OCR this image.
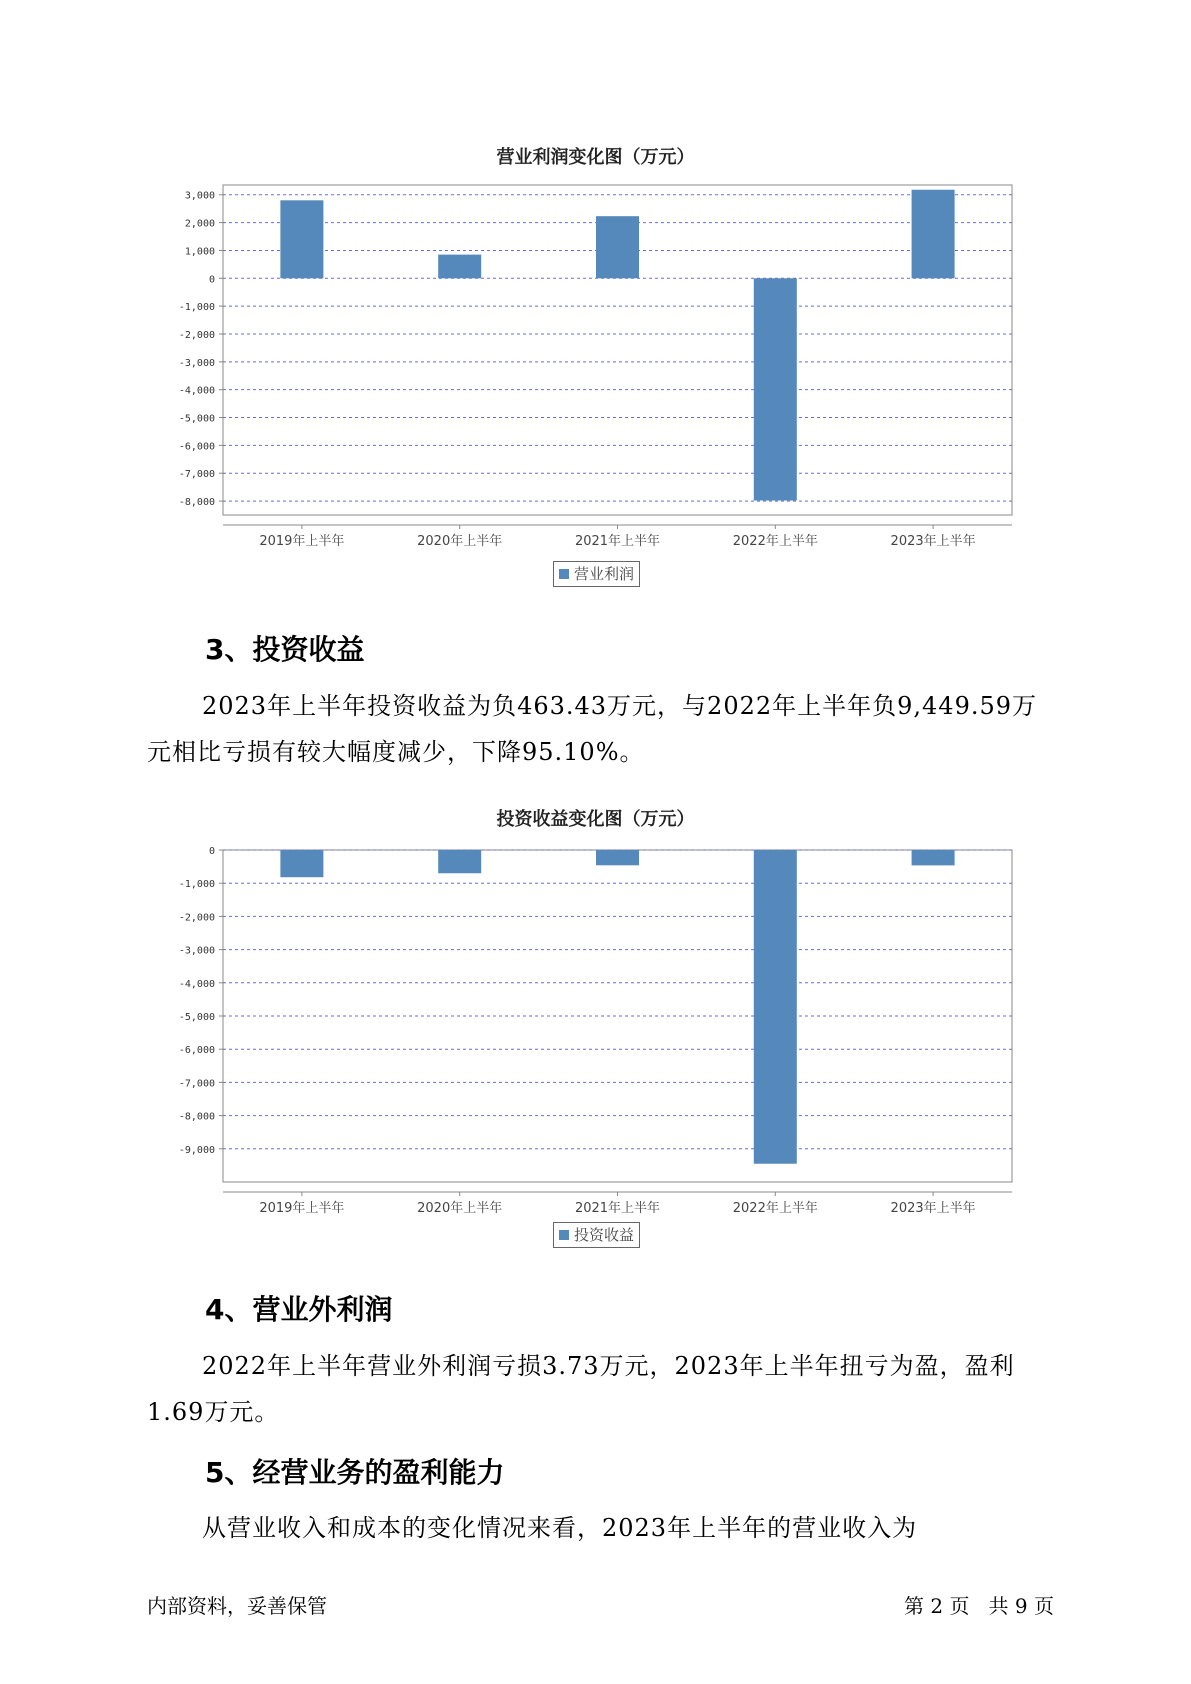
营业利润变化图（万元）
3,000
2,000
1,000
0
-1,000
-2,000
-3,000
-4,000
-5,000
-6,000
-7,000
-8,000
2019年上半年	2020年上半年	2021年上半年	2022年上半年	2023年上半年
营业利润
3、投资收益
2023年上半年投资收益为负463.43万元，与2022年上半年负9,449.59万元相比亏损有较大幅度减少，下降95.10%。
投资收益变化图（万元）
0
-1,000
-2,000
-3,000
-4,000
-5,000
-6,000
-7,000
-8,000
-9,000
2019年上半年	2020年上半年	2021年上半年	2022年上半年	2023年上半年
投资收益
4、营业外利润
2022年上半年营业外利润亏损3.73万元，2023年上半年扭亏为盈，盈利1.69万元。
5、经营业务的盈利能力
从营业收入和成本的变化情况来看，2023年上半年的营业收入为
内部资料，妥善保管	第 2 页   共 9 页
